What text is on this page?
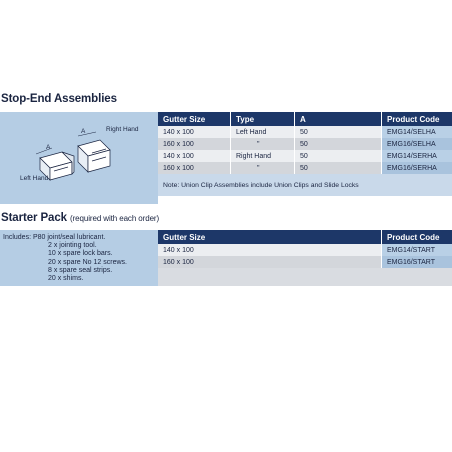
Stop-End Assemblies
Right Hand
Left Hand
A
A
Gutter Size	Type	A	Product Code
140 x 100	Left Hand	50	EMG14/SELHA
160 x 100	"	50	EMG16/SELHA
140 x 100	Right Hand	50	EMG14/SERHA
160 x 100	"	50	EMG16/SERHA
Note: Union Clip Assemblies include Union Clips and Slide Locks
Starter Pack (required with each order)
Includes: P80 joint/seal lubricant.
2 x jointing tool.
10 x spare lock bars.
20 x spare No 12 screws.
8 x spare seal strips.
20 x shims.
Gutter Size	Product Code
140 x 100	EMG14/START
160 x 100	EMG16/START
